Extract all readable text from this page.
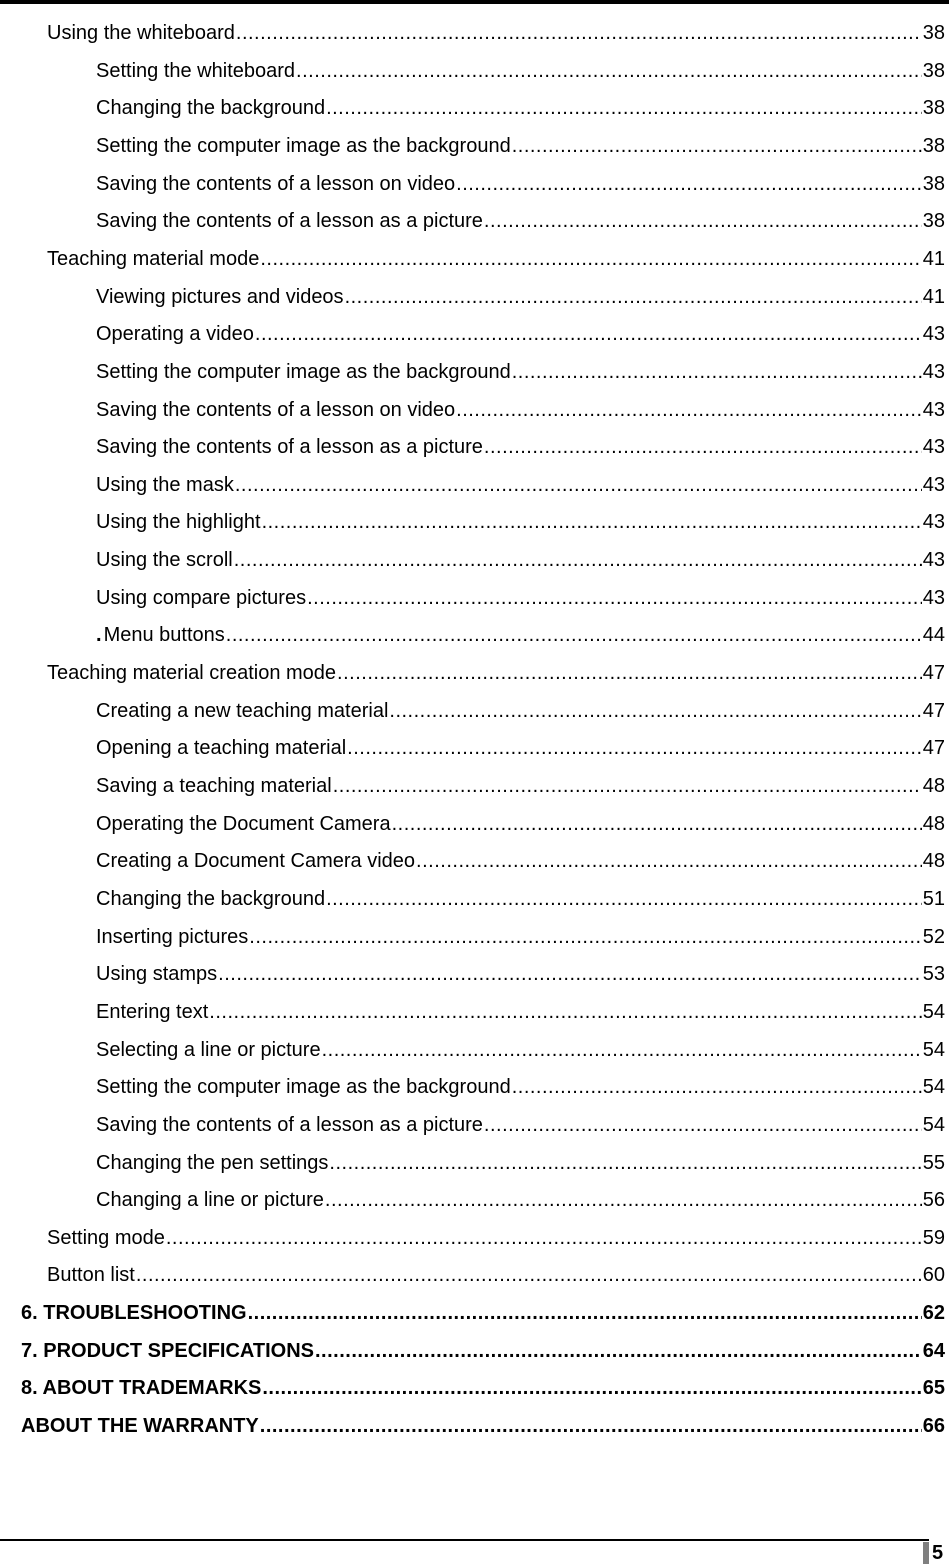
Using the whiteboard .....	38
Setting the whiteboard .....	38
Changing the background .....	38
Setting the computer image as the background .....	38
Saving the contents of a lesson on video .....	38
Saving the contents of a lesson as a picture .....	38
Teaching material mode .....	41
Viewing pictures and videos .....	41
Operating a video .....	43
Setting the computer image as the background .....	43
Saving the contents of a lesson on video .....	43
Saving the contents of a lesson as a picture .....	43
Using the mask .....	43
Using the highlight .....	43
Using the scroll .....	43
Using compare pictures .....	43
. Menu buttons .....	44
Teaching material creation mode .....	47
Creating a new teaching material .....	47
Opening a teaching material .....	47
Saving a teaching material .....	48
Operating the Document Camera .....	48
Creating a Document Camera video .....	48
Changing the background .....	51
Inserting pictures .....	52
Using stamps .....	53
Entering text .....	54
Selecting a line or picture .....	54
Setting the computer image as the background .....	54
Saving the contents of a lesson as a picture .....	54
Changing the pen settings .....	55
Changing a line or picture .....	56
Setting mode .....	59
Button list .....	60
6. TROUBLESHOOTING .....	62
7. PRODUCT SPECIFICATIONS .....	64
8. ABOUT TRADEMARKS .....	65
ABOUT THE WARRANTY .....	66
5
